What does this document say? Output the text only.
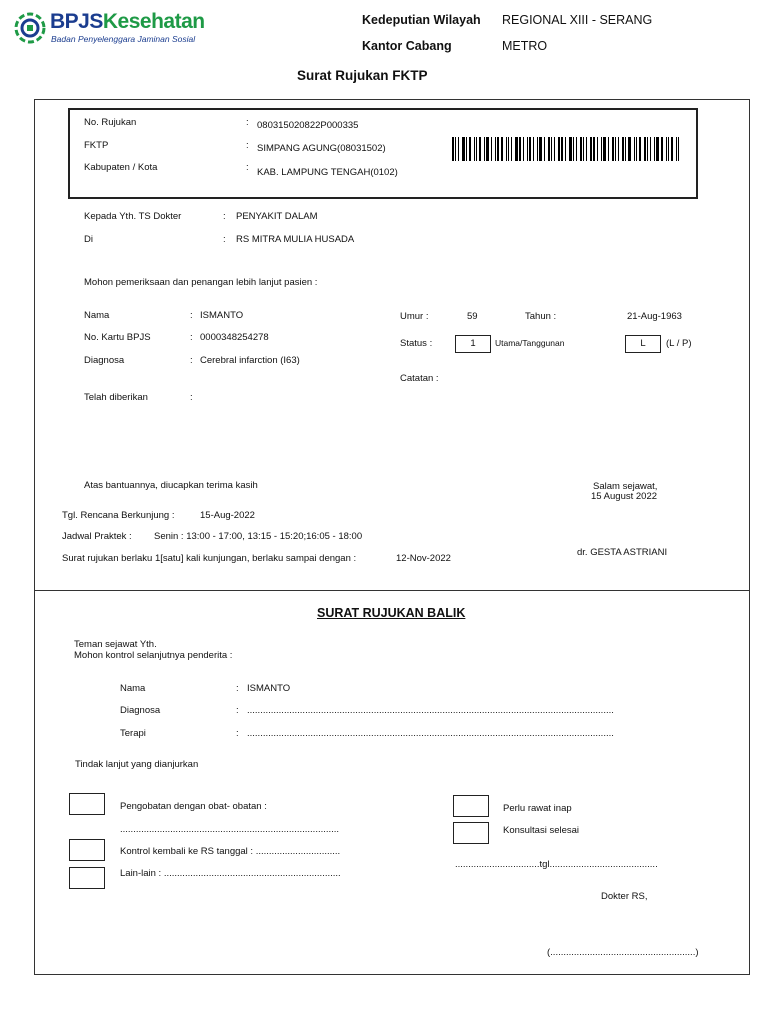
BPJSKesehatan
Badan Penyelenggara Jaminan Sosial
Kedeputian Wilayah REGIONAL XIII - SERANG
Kantor Cabang	METRO
Surat Rujukan FKTP
No. Rujukan	: 080315020822P000335
FKTP	: SIMPANG AGUNG(08031502)
Kabupaten / Kota	: KAB. LAMPUNG TENGAH(0102)
Kepada Yth. TS Dokter	: PENYAKIT DALAM
Di	: RS MITRA MULIA HUSADA
Mohon pemeriksaan dan penangan lebih lanjut pasien :
Nama	: ISMANTO
No. Kartu BPJS	: 0000348254278
Diagnosa	: Cerebral infarction (I63)
Telah diberikan	:
Umur :	59	Tahun :	21-Aug-1963
Status :	1	Utama/Tanggunan	L	(L / P)
Catatan :
Atas bantuannya, diucapkan terima kasih	Salam sejawat,
15 August 2022
Tgl. Rencana Berkunjung :	15-Aug-2022
Jadwal Praktek : Senin : 13:00 - 17:00, 13:15 - 15:20;16:05 - 18:00
Surat rujukan berlaku 1[satu] kali kunjungan, berlaku sampai dengan :	12-Nov-2022
dr. GESTA ASTRIANI
SURAT RUJUKAN BALIK
Teman sejawat Yth.
Mohon kontrol selanjutnya penderita :
Nama	: ISMANTO
Diagnosa	: ...........................................................................................................................................
Terapi	: ...........................................................................................................................................
Tindak lanjut yang dianjurkan
Pengobatan dengan obat- obatan :
...................................................................................
Kontrol kembali ke RS tanggal : ................................
Lain-lain : ...................................................................
Perlu rawat inap
Konsultasi selesai
................................tgl.........................................
Dokter RS,
(.......................................................)
